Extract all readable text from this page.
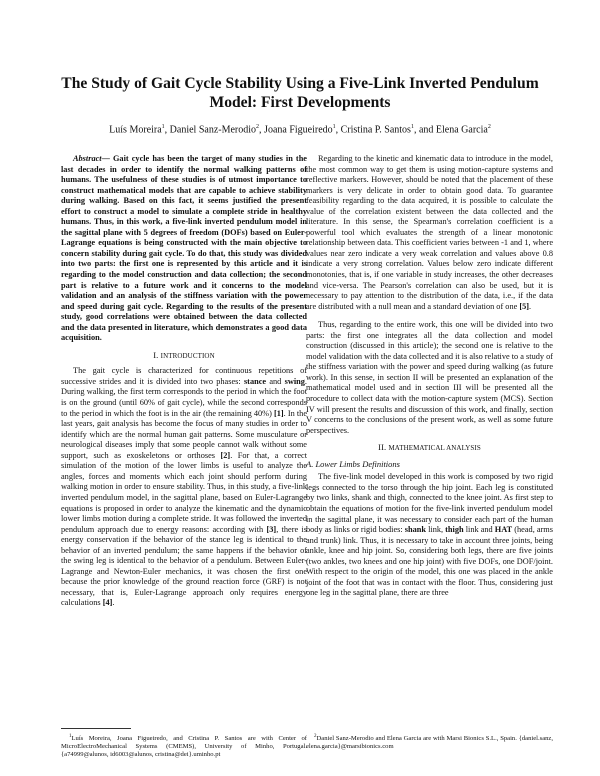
The Study of Gait Cycle Stability Using a Five-Link Inverted Pendulum Model: First Developments
Luís Moreira$^1$, Daniel Sanz-Merodio$^2$, Joana Figueiredo$^1$, Cristina P. Santos$^1$, and Elena Garcia$^2$

Abstract— Gait cycle has been the target of many studies in the last decades in order to identify the normal walking patterns of humans. The usefulness of these studies is of utmost importance to construct mathematical models that are capable to achieve stability during walking. Based on this fact, it seems justified the present effort to construct a model to simulate a complete stride in healthy humans. Thus, in this work, a five-link inverted pendulum model in the sagittal plane with 5 degrees of freedom (DOFs) based on Euler-Lagrange equations is being constructed with the main objective to concern stability during gait cycle. To do that, this study was divided into two parts: the first one is represented by this article and it is regarding to the model construction and data collection; the second part is relative to a future work and it concerns to the model validation and an analysis of the stiffness variation with the power and speed during gait cycle. Regarding to the results of the present study, good correlations were obtained between the data collected and the data presented in literature, which demonstrates a good data acquisition.

I. INTRODUCTION

The gait cycle is characterized for continuous repetitions of successive strides and it is divided into two phases: stance and swing. During walking, the first term corresponds to the period in which the foot is on the ground (until 60% of gait cycle), while the second corresponds to the period in which the foot is in the air (the remaining 40%) [1]. In the last years, gait analysis has become the focus of many studies in order to identify which are the normal human gait patterns. Some musculature or neurological diseases imply that some people cannot walk without some support, such as exoskeletons or orthoses [2]. For that, a correct simulation of the motion of the lower limbs is useful to analyze the angles, forces and moments which each joint should perform during walking motion in order to ensure stability. Thus, in this study, a five-link inverted pendulum model, in the sagittal plane, based on Euler-Lagrange equations is proposed in order to analyze the kinematic and the dynamic lower limbs motion during a complete stride. It was followed the inverted pendulum approach due to energy reasons: according with [3], there is energy conservation if the behavior of the stance leg is identical to the behavior of an inverted pendulum; the same happens if the behavior of the swing leg is identical to the behavior of a pendulum. Between Euler-Lagrange and Newton-Euler mechanics, it was chosen the first one because the prior knowledge of the ground reaction force (GRF) is not necessary, that is, Euler-Lagrange approach only requires energy calculations [4].

Regarding to the kinetic and kinematic data to introduce in the model, the most common way to get them is using motion-capture systems and reflective markers. However, should be noted that the placement of these markers is very delicate in order to obtain good data. To guarantee feasibility regarding to the data acquired, it is possible to calculate the value of the correlation existent between the data collected and the literature. In this sense, the Spearman's correlation coefficient is a powerful tool which evaluates the strength of a linear monotonic relationship between data. This coefficient varies between -1 and 1, where values near zero indicate a very weak correlation and values above 0.8 indicate a very strong correlation. Values below zero indicate different monotonies, that is, if one variable in study increases, the other decreases and vice-versa. The Pearson's correlation can also be used, but it is necessary to pay attention to the distribution of the data, i.e., if the data are distributed with a null mean and a standard deviation of one [5].

Thus, regarding to the entire work, this one will be divided into two parts: the first one integrates all the data collection and model construction (discussed in this article); the second one is relative to the model validation with the data collected and it is also relative to a study of the stiffness variation with the power and speed during walking (as future work). In this sense, in section II will be presented an explanation of the mathematical model used and in section III will be presented all the procedure to collect data with the motion-capture system (MCS). Section IV will present the results and discussion of this work, and finally, section V concerns to the conclusions of the present work, as well as some future perspectives.

II. MATHEMATICAL ANALYSIS
A. Lower Limbs Definitions

The five-link model developed in this work is composed by two rigid legs connected to the torso through the hip joint. Each leg is constituted by two links, shank and thigh, connected to the knee joint. As first step to obtain the equations of motion for the five-link inverted pendulum model in the sagittal plane, it was necessary to consider each part of the human body as links or rigid bodies: shank link, thigh link and HAT (head, arms and trunk) link. Thus, it is necessary to take in account three joints, being ankle, knee and hip joint. So, considering both legs, there are five joints (two ankles, two knees and one hip joint) with five DOFs, one DOF/joint. With respect to the origin of the model, this one was placed in the ankle joint of the foot that was in contact with the floor. Thus, considering just one leg in the sagittal plane, there are three

$^1$Luís Moreira, Joana Figueiredo, and Cristina P. Santos are with Center of MicroElectroMechanical Systems (CMEMS), University of Minho, Portugal. {a74999@alunos, id6003@alunos, cristina@dei}.uminho.pt
$^2$Daniel Sanz-Merodio and Elena Garcia are with Marsi Bionics S.L., Spain. {daniel.sanz, elena.garcia}@marsibionics.com
